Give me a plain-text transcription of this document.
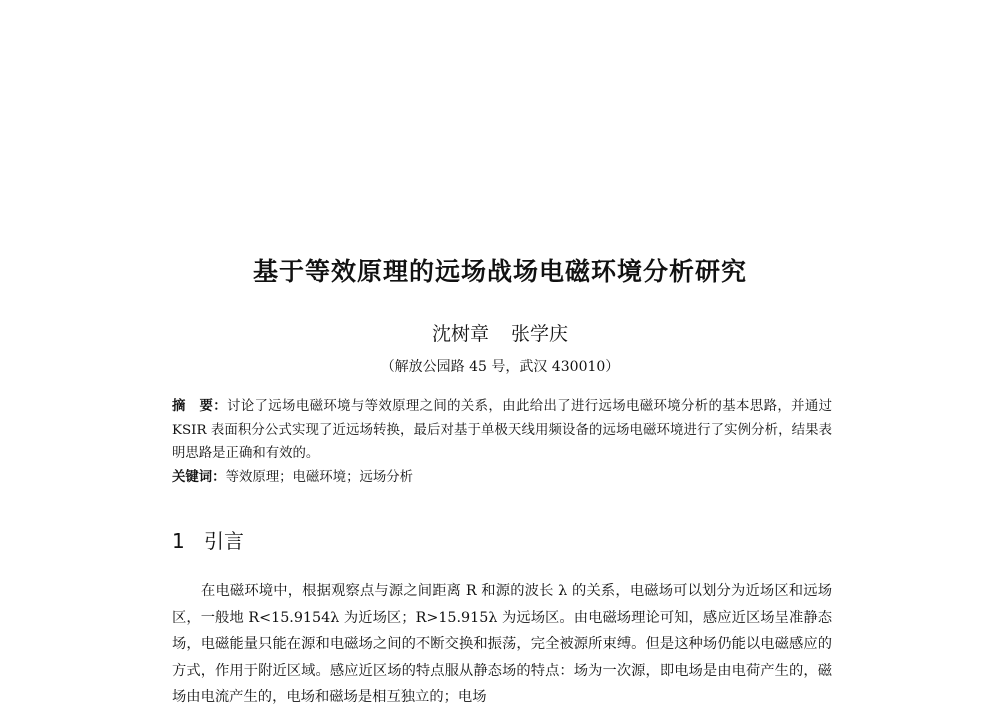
基于等效原理的远场战场电磁环境分析研究
沈树章 张学庆
（解放公园路 45 号，武汉 430010）
摘　要：讨论了远场电磁环境与等效原理之间的关系，由此给出了进行远场电磁环境分析的基本思路，并通过 KSIR 表面积分公式实现了近远场转换，最后对基于单极天线用频设备的远场电磁环境进行了实例分析，结果表明思路是正确和有效的。
关键词：等效原理；电磁环境；远场分析
1 引言
在电磁环境中，根据观察点与源之间距离 R 和源的波长 λ 的关系，电磁场可以划分为近场区和远场区，一般地 R<15.9154λ 为近场区；R>15.915λ 为远场区。由电磁场理论可知，感应近区场呈准静态场，电磁能量只能在源和电磁场之间的不断交换和振荡，完全被源所束缚。但是这种场仍能以电磁感应的方式，作用于附近区域。感应近区场的特点服从静态场的特点：场为一次源，即电场是由电荷产生的，磁场由电流产生的，电场和磁场是相互独立的；电场
